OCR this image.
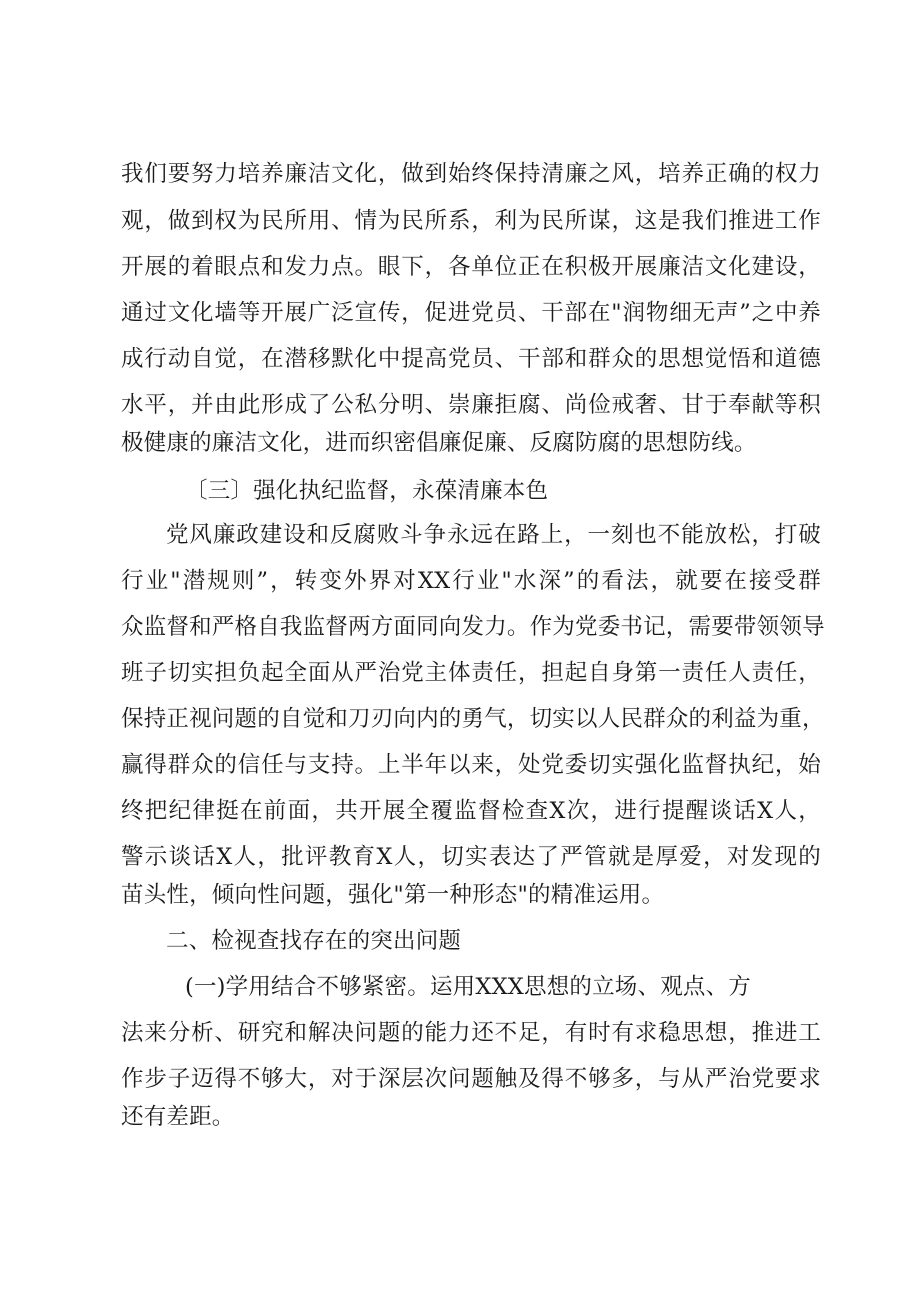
我们要努力培养廉洁文化，做到始终保持清廉之风，培养正确的权力
观，做到权为民所用、情为民所系，利为民所谋，这是我们推进工作
开展的着眼点和发力点。眼下，各单位正在积极开展廉洁文化建设，
通过文化墙等开展广泛宣传，促进党员、干部在"润物细无声”之中养
成行动自觉，在潜移默化中提高党员、干部和群众的思想觉悟和道德
水平，并由此形成了公私分明、崇廉拒腐、尚俭戒奢、甘于奉献等积
极健康的廉洁文化，进而织密倡廉促廉、反腐防腐的思想防线。
〔三〕强化执纪监督，永葆清廉本色
党风廉政建设和反腐败斗争永远在路上，一刻也不能放松，打破
行业"潜规则”，转变外界对XX行业"水深”的看法，就要在接受群
众监督和严格自我监督两方面同向发力。作为党委书记，需要带领领导
班子切实担负起全面从严治党主体责任，担起自身第一责任人责任，
保持正视问题的自觉和刀刃向内的勇气，切实以人民群众的利益为重，
赢得群众的信任与支持。上半年以来，处党委切实强化监督执纪，始
终把纪律挺在前面，共开展全覆监督检查X次，进行提醒谈话X人，
警示谈话X人，批评教育X人，切实表达了严管就是厚爱，对发现的
苗头性，倾向性问题，强化"第一种形态"的精准运用。
二、检视查找存在的突出问题
(一)学用结合不够紧密。运用XXX思想的立场、观点、方
法来分析、研究和解决问题的能力还不足，有时有求稳思想，推进工
作步子迈得不够大，对于深层次问题触及得不够多，与从严治党要求
还有差距。
